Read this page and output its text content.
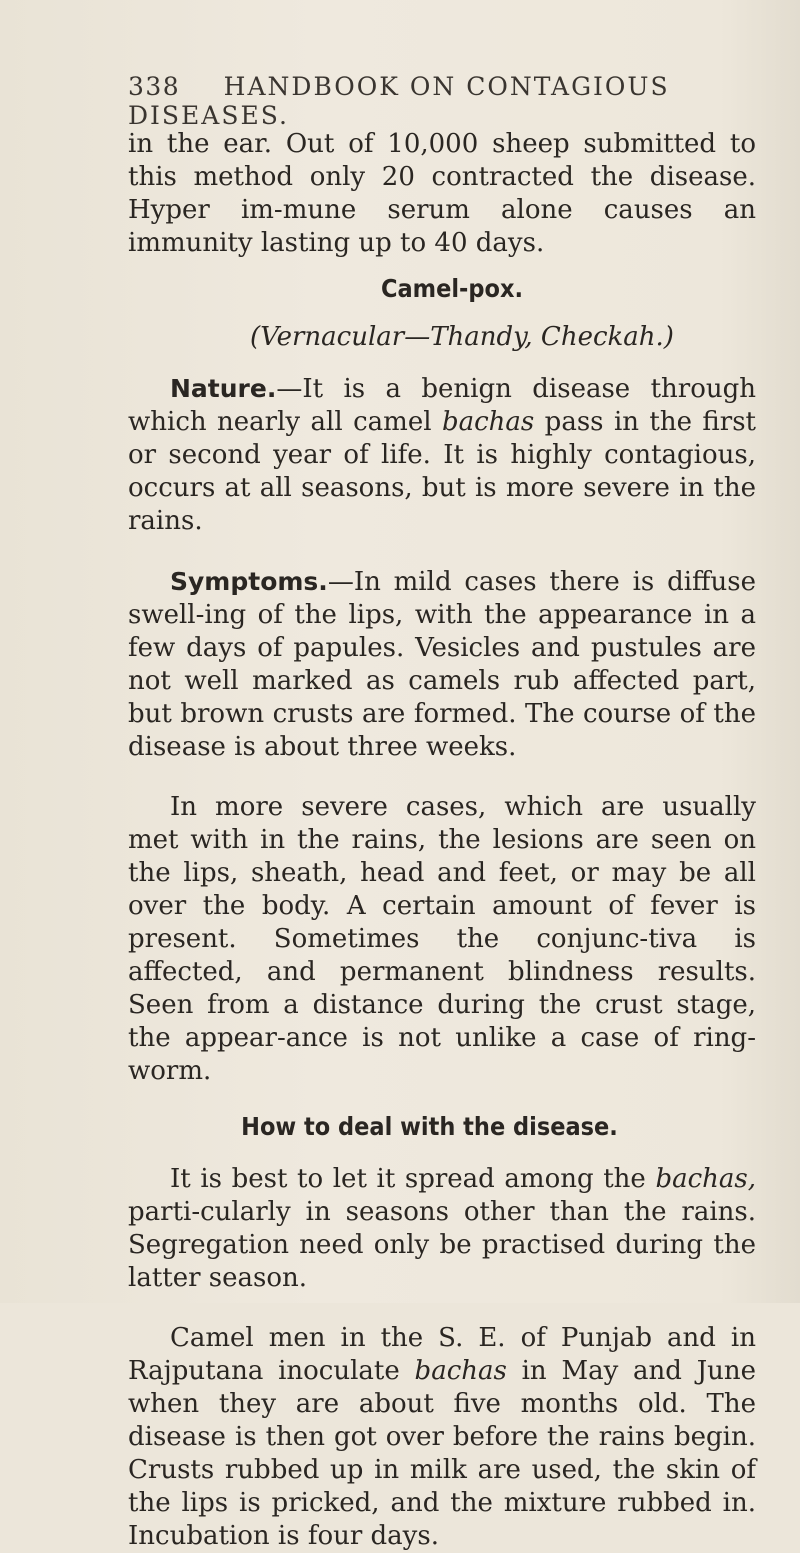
338 HANDBOOK ON CONTAGIOUS DISEASES.

in the ear. Out of 10,000 sheep submitted to this method only 20 contracted the disease. Hyper im-mune serum alone causes an immunity lasting up to 40 days.

Camel-pox.
(Vernacular—Thandy, Checkah.)

Nature.—It is a benign disease through which nearly all camel bachas pass in the first or second year of life. It is highly contagious, occurs at all seasons, but is more severe in the rains.

Symptoms.—In mild cases there is diffuse swell-ing of the lips, with the appearance in a few days of papules. Vesicles and pustules are not well marked as camels rub affected part, but brown crusts are formed. The course of the disease is about three weeks.

In more severe cases, which are usually met with in the rains, the lesions are seen on the lips, sheath, head and feet, or may be all over the body. A certain amount of fever is present. Sometimes the conjunc-tiva is affected, and permanent blindness results. Seen from a distance during the crust stage, the appear-ance is not unlike a case of ring-worm.

How to deal with the disease.

It is best to let it spread among the bachas, parti-cularly in seasons other than the rains. Segregation need only be practised during the latter season.

Camel men in the S. E. of Punjab and in Rajputana inoculate bachas in May and June when they are about five months old. The disease is then got over before the rains begin. Crusts rubbed up in milk are used, the skin of the lips is pricked, and the mixture rubbed in. Incubation is four days.
